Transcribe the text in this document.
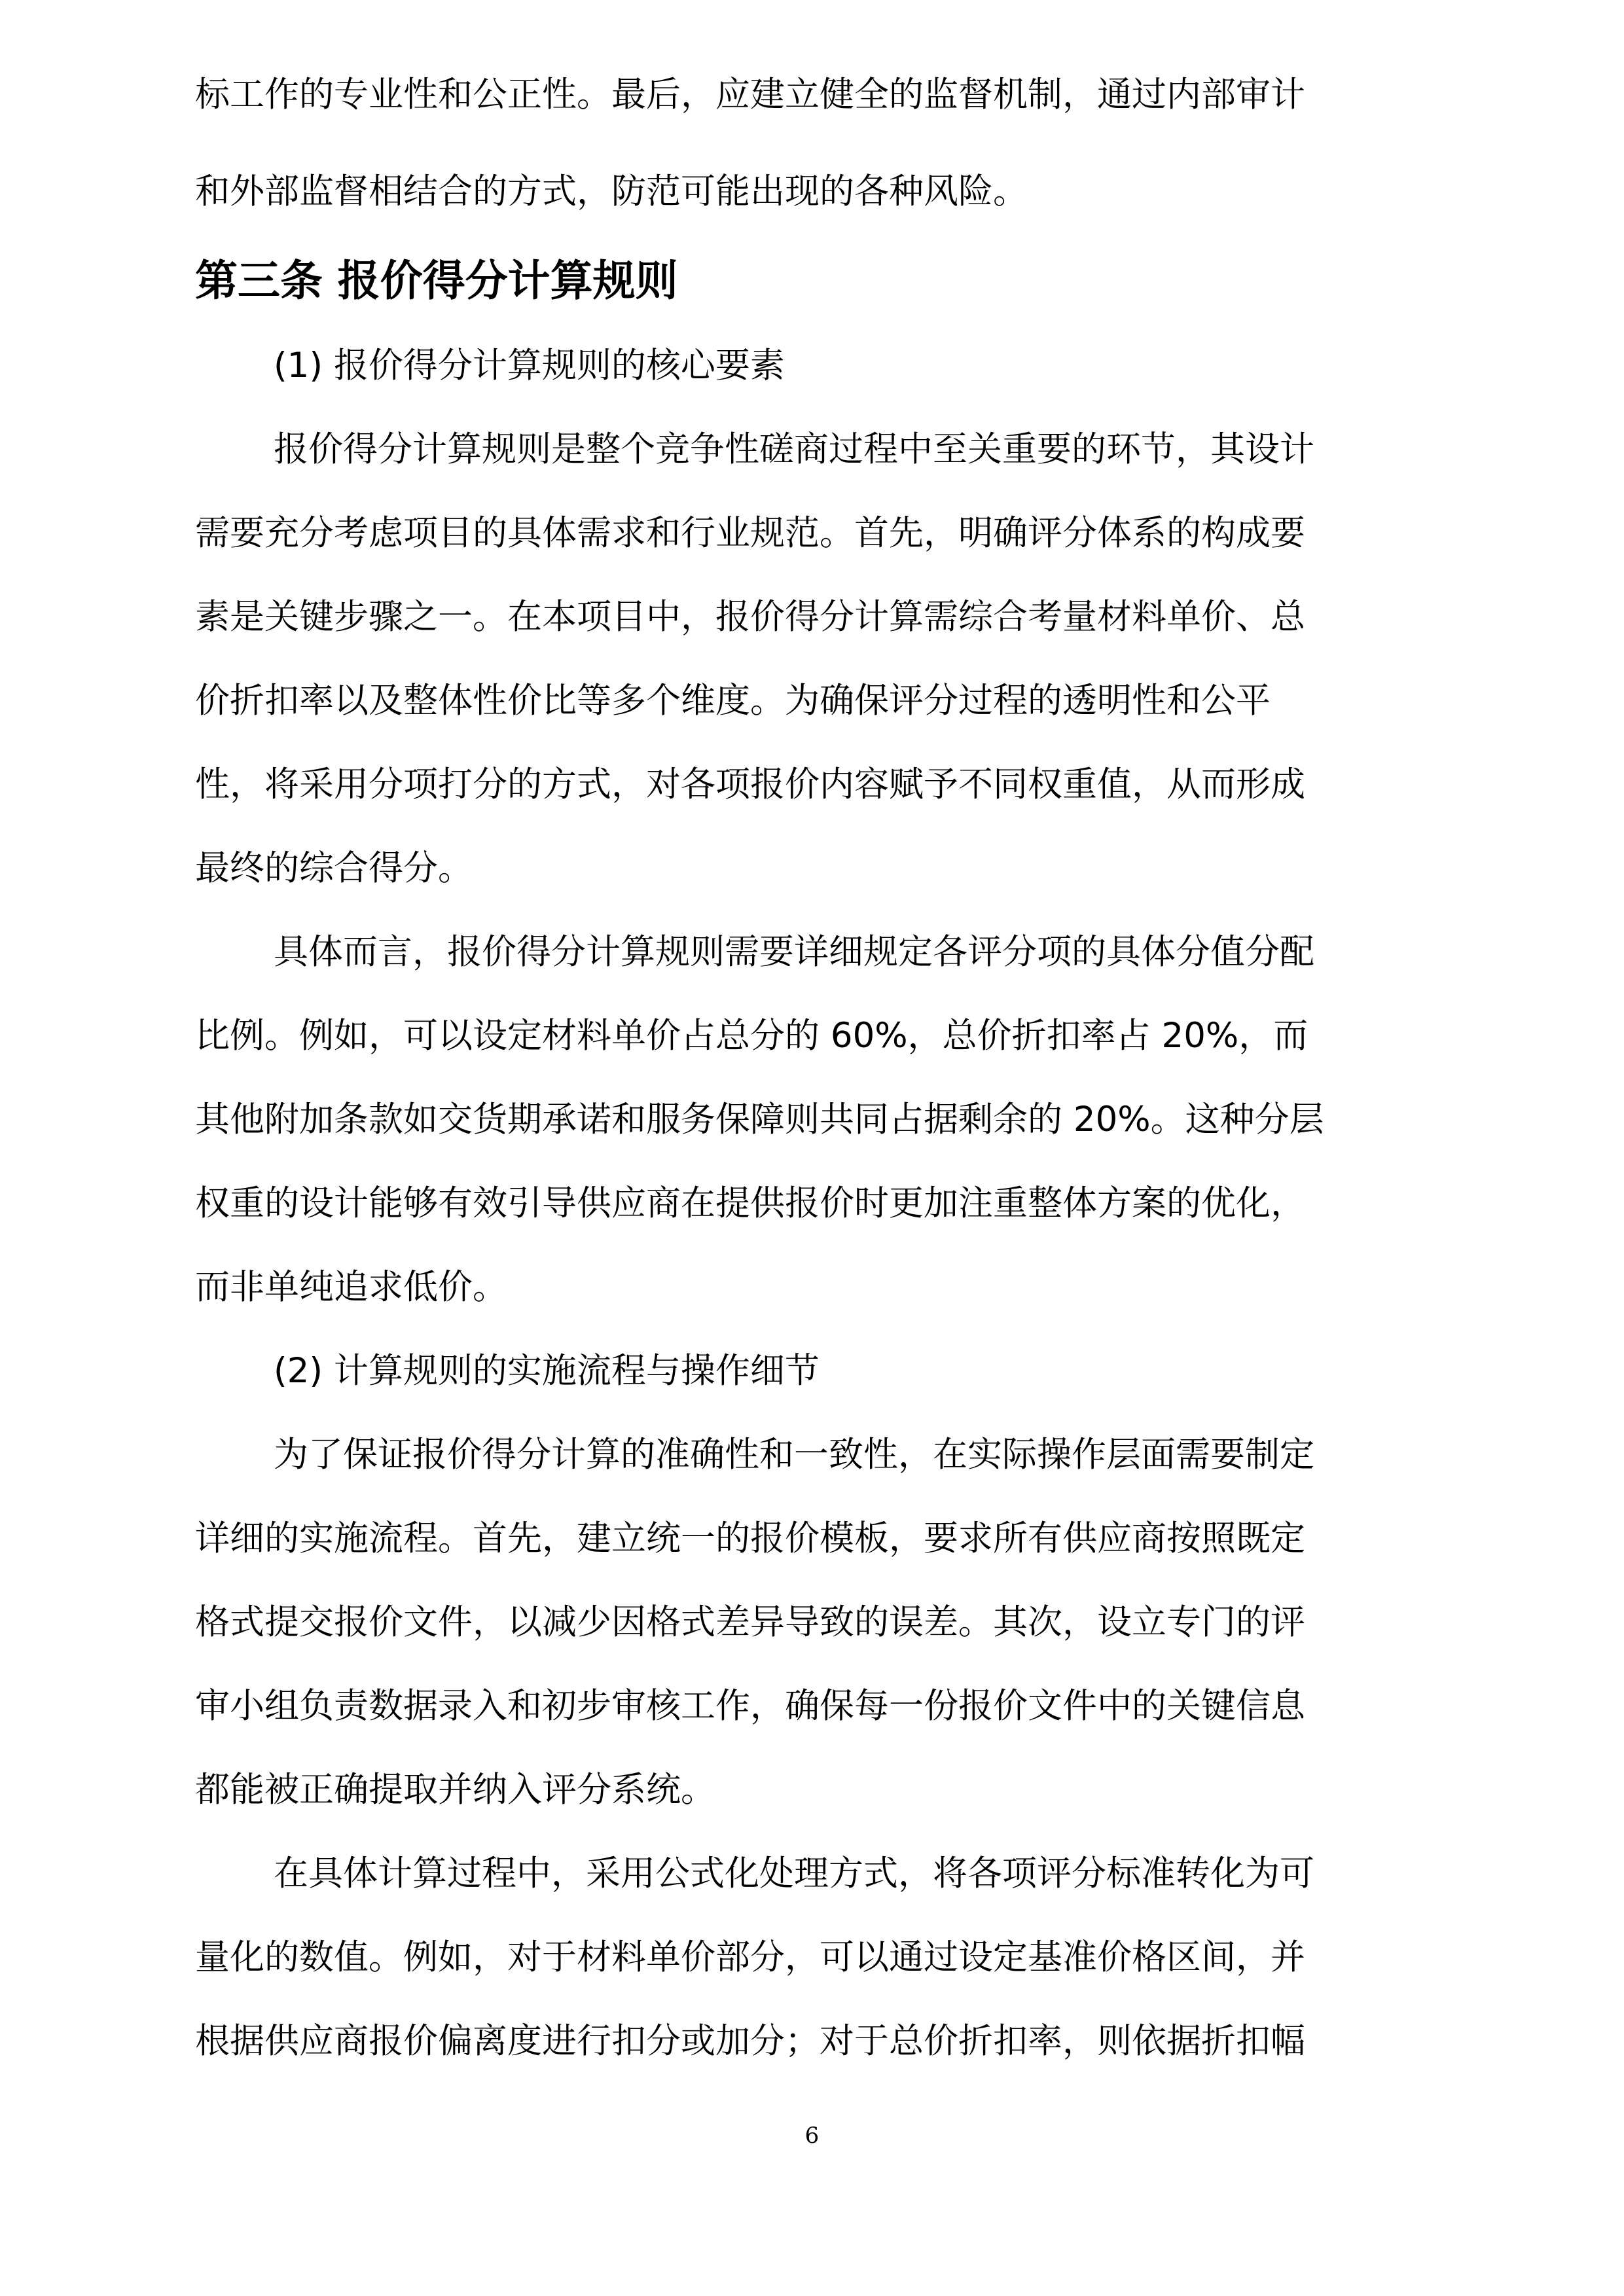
标工作的专业性和公正性。最后，应建立健全的监督机制，通过内部审计
和外部监督相结合的方式，防范可能出现的各种风险。
第三条 报价得分计算规则
(1) 报价得分计算规则的核心要素
报价得分计算规则是整个竞争性磋商过程中至关重要的环节，其设计
需要充分考虑项目的具体需求和行业规范。首先，明确评分体系的构成要
素是关键步骤之一。在本项目中，报价得分计算需综合考量材料单价、总
价折扣率以及整体性价比等多个维度。为确保评分过程的透明性和公平
性，将采用分项打分的方式，对各项报价内容赋予不同权重值，从而形成
最终的综合得分。
具体而言，报价得分计算规则需要详细规定各评分项的具体分值分配
比例。例如，可以设定材料单价占总分的 60%，总价折扣率占 20%，而
其他附加条款如交货期承诺和服务保障则共同占据剩余的 20%。这种分层
权重的设计能够有效引导供应商在提供报价时更加注重整体方案的优化，
而非单纯追求低价。
(2) 计算规则的实施流程与操作细节
为了保证报价得分计算的准确性和一致性，在实际操作层面需要制定
详细的实施流程。首先，建立统一的报价模板，要求所有供应商按照既定
格式提交报价文件，以减少因格式差异导致的误差。其次，设立专门的评
审小组负责数据录入和初步审核工作，确保每一份报价文件中的关键信息
都能被正确提取并纳入评分系统。
在具体计算过程中，采用公式化处理方式，将各项评分标准转化为可
量化的数值。例如，对于材料单价部分，可以通过设定基准价格区间，并
根据供应商报价偏离度进行扣分或加分；对于总价折扣率，则依据折扣幅
6
